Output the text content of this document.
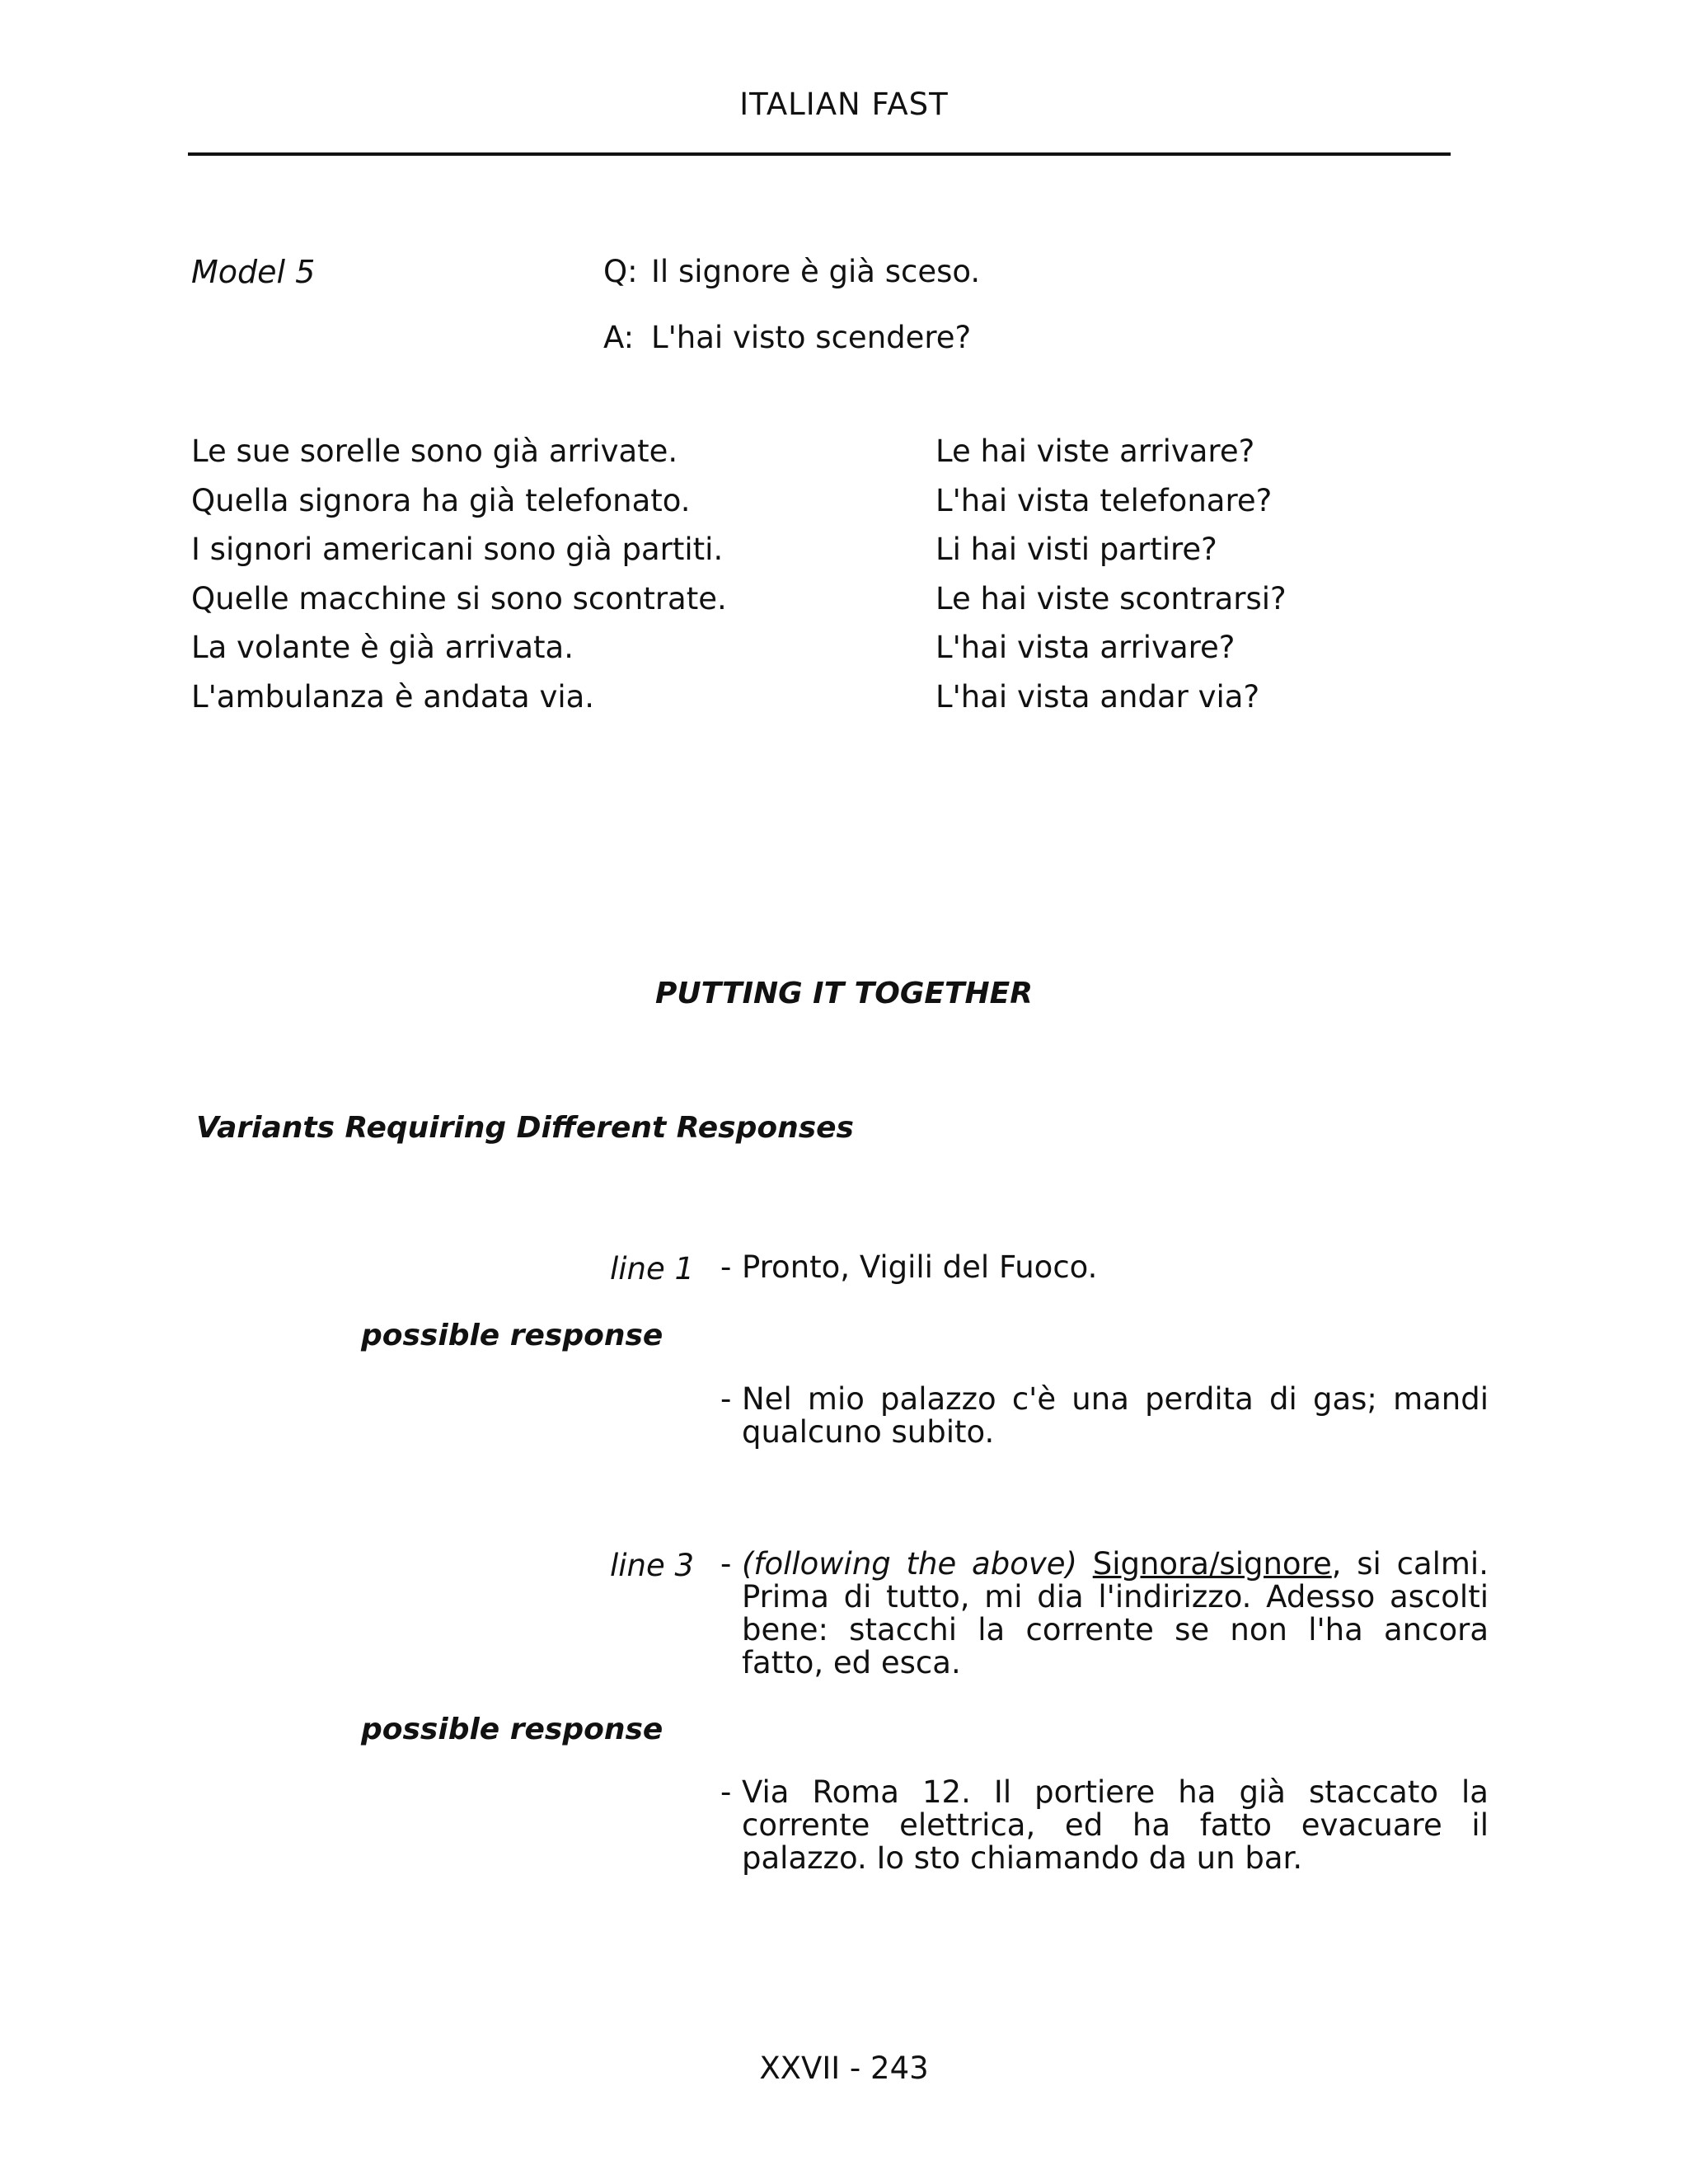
ITALIAN FAST
Model 5	Q: Il signore è già sceso.
A: L'hai visto scendere?
Le sue sorelle sono già arrivate.
Quella signora ha già telefonato.
I signori americani sono già partiti.
Quelle macchine si sono scontrate.
La volante è già arrivata.
L'ambulanza è andata via.
Le hai viste arrivare?
L'hai vista telefonare?
Li hai visti partire?
Le hai viste scontrarsi?
L'hai vista arrivare?
L'hai vista andar via?
PUTTING IT TOGETHER
Variants Requiring Different Responses
line 1 - Pronto, Vigili del Fuoco.
possible response
- Nel mio palazzo c'è una perdita di gas; mandi qualcuno subito.
line 3 - (following the above) Signora/signore, si calmi. Prima di tutto, mi dia l'indirizzo. Adesso ascolti bene: stacchi la corrente se non l'ha ancora fatto, ed esca.
possible response
- Via Roma 12. Il portiere ha già staccato la corrente elettrica, ed ha fatto evacuare il palazzo. Io sto chiamando da un bar.
XXVII - 243
